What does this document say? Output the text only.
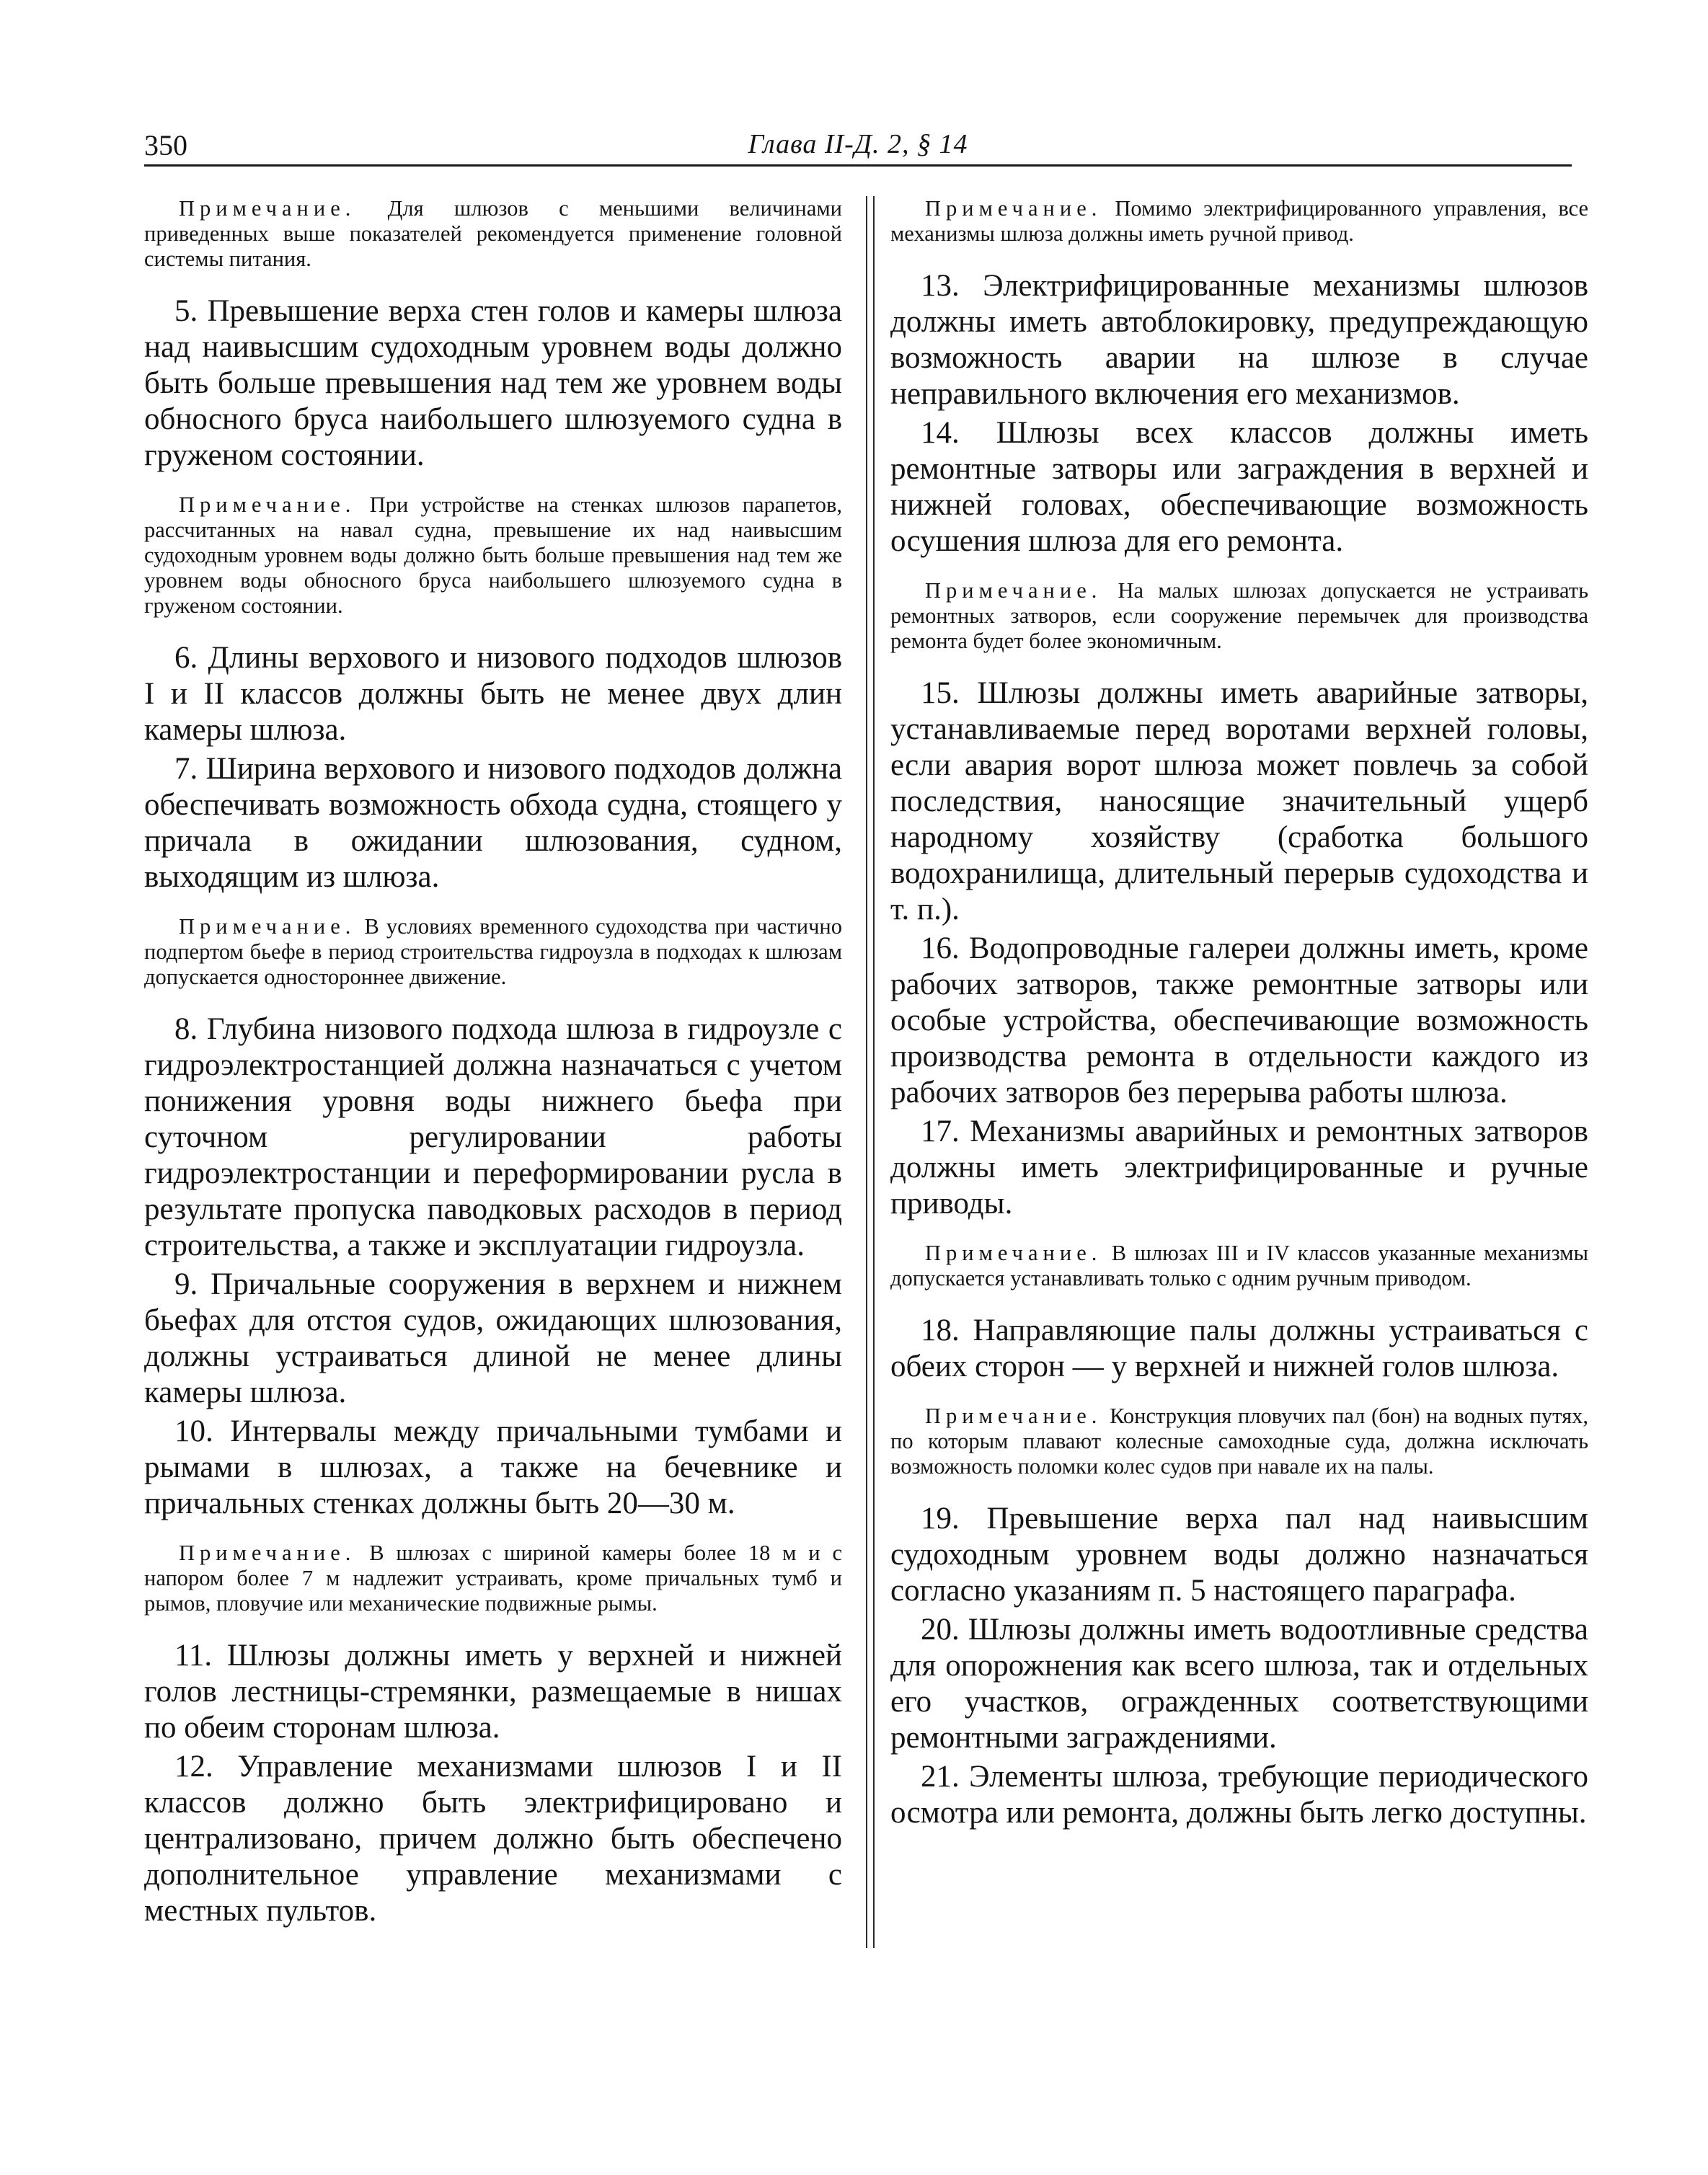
350	Глава II-Д. 2, § 14

Примечание. Для шлюзов с меньшими величинами приведенных выше показателей рекомендуется применение головной системы питания.

5. Превышение верха стен голов и камеры шлюза над наивысшим судоходным уровнем воды должно быть больше превышения над тем же уровнем воды обносного бруса наибольшего шлюзуемого судна в груженом состоянии.

Примечание. При устройстве на стенках шлюзов парапетов, рассчитанных на навал судна, превышение их над наивысшим судоходным уровнем воды должно быть больше превышения над тем же уровнем воды обносного бруса наибольшего шлюзуемого судна в груженом состоянии.

6. Длины верхового и низового подходов шлюзов I и II классов должны быть не менее двух длин камеры шлюза.

7. Ширина верхового и низового подходов должна обеспечивать возможность обхода судна, стоящего у причала в ожидании шлюзования, судном, выходящим из шлюза.

Примечание. В условиях временного судоходства при частично подпертом бьефе в период строительства гидроузла в подходах к шлюзам допускается одностороннее движение.

8. Глубина низового подхода шлюза в гидроузле с гидроэлектростанцией должна назначаться с учетом понижения уровня воды нижнего бьефа при суточном регулировании работы гидроэлектростанции и переформировании русла в результате пропуска паводковых расходов в период строительства, а также и эксплуатации гидроузла.

9. Причальные сооружения в верхнем и нижнем бьефах для отстоя судов, ожидающих шлюзования, должны устраиваться длиной не менее длины камеры шлюза.

10. Интервалы между причальными тумбами и рымами в шлюзах, а также на бечевнике и причальных стенках должны быть 20—30 м.

Примечание. В шлюзах с шириной камеры более 18 м и с напором более 7 м надлежит устраивать, кроме причальных тумб и рымов, пловучие или механические подвижные рымы.

11. Шлюзы должны иметь у верхней и нижней голов лестницы-стремянки, размещаемые в нишах по обеим сторонам шлюза.

12. Управление механизмами шлюзов I и II классов должно быть электрифицировано и централизовано, причем должно быть обеспечено дополнительное управление механизмами с местных пультов.

Примечание. Помимо электрифицированного управления, все механизмы шлюза должны иметь ручной привод.

13. Электрифицированные механизмы шлюзов должны иметь автоблокировку, предупреждающую возможность аварии на шлюзе в случае неправильного включения его механизмов.

14. Шлюзы всех классов должны иметь ремонтные затворы или заграждения в верхней и нижней головах, обеспечивающие возможность осушения шлюза для его ремонта.

Примечание. На малых шлюзах допускается не устраивать ремонтных затворов, если сооружение перемычек для производства ремонта будет более экономичным.

15. Шлюзы должны иметь аварийные затворы, устанавливаемые перед воротами верхней головы, если авария ворот шлюза может повлечь за собой последствия, наносящие значительный ущерб народному хозяйству (сработка большого водохранилища, длительный перерыв судоходства и т. п.).

16. Водопроводные галереи должны иметь, кроме рабочих затворов, также ремонтные затворы или особые устройства, обеспечивающие возможность производства ремонта в отдельности каждого из рабочих затворов без перерыва работы шлюза.

17. Механизмы аварийных и ремонтных затворов должны иметь электрифицированные и ручные приводы.

Примечание. В шлюзах III и IV классов указанные механизмы допускается устанавливать только с одним ручным приводом.

18. Направляющие палы должны устраиваться с обеих сторон — у верхней и нижней голов шлюза.

Примечание. Конструкция пловучих пал (бон) на водных путях, по которым плавают колесные самоходные суда, должна исключать возможность поломки колес судов при навале их на палы.

19. Превышение верха пал над наивысшим судоходным уровнем воды должно назначаться согласно указаниям п. 5 настоящего параграфа.

20. Шлюзы должны иметь водоотливные средства для опорожнения как всего шлюза, так и отдельных его участков, огражденных соответствующими ремонтными заграждениями.

21. Элементы шлюза, требующие периодического осмотра или ремонта, должны быть легко доступны.
